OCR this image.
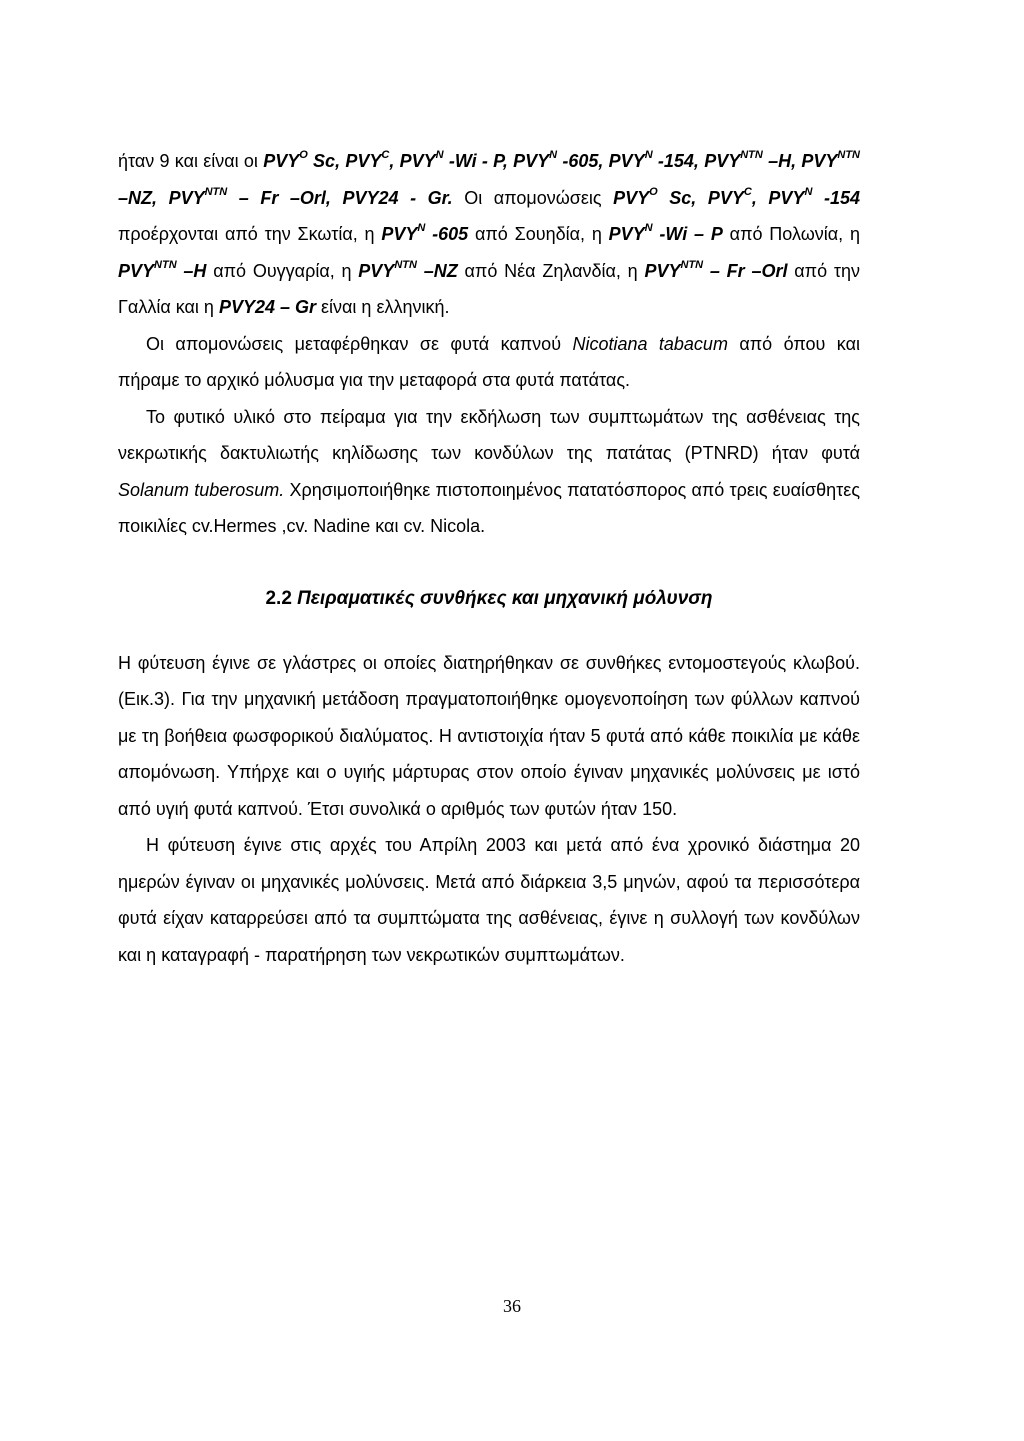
ήταν 9 και είναι οι $PVY^O$ Sc, $PVY^C$, $PVY^N$ -Wi - P, $PVY^N$ -605, $PVY^N$ -154, $PVY^{NTN}$ –H, $PVY^{NTN}$ –NZ, $PVY^{NTN}$ – Fr –Orl, PVY24 - Gr. Οι απομονώσεις $PVY^O$ Sc, $PVY^C$, $PVY^N$ -154 προέρχονται από την Σκωτία, η $PVY^N$ -605 από Σουηδία, η $PVY^N$ -Wi – P από Πολωνία, η $PVY^{NTN}$ –H από Ουγγαρία, η $PVY^{NTN}$ –NZ από Νέα Ζηλανδία, η $PVY^{NTN}$ – Fr –Orl από την Γαλλία και η PVY24 – Gr είναι η ελληνική.

Οι απομονώσεις μεταφέρθηκαν σε φυτά καπνού Nicotiana tabacum από όπου και πήραμε το αρχικό μόλυσμα για την μεταφορά στα φυτά πατάτας.

Το φυτικό υλικό στο πείραμα για την εκδήλωση των συμπτωμάτων της ασθένειας της νεκρωτικής δακτυλιωτής κηλίδωσης των κονδύλων της πατάτας (PTNRD) ήταν φυτά Solanum tuberosum. Χρησιμοποιήθηκε πιστοποιημένος πατατόσπορος από τρεις ευαίσθητες ποικιλίες cv.Hermes ,cv. Nadine και cv. Nicola.

2.2 Πειραματικές συνθήκες και μηχανική μόλυνση

Η φύτευση έγινε σε γλάστρες οι οποίες διατηρήθηκαν σε συνθήκες εντομοστεγούς κλωβού. (Εικ.3). Για την μηχανική μετάδοση πραγματοποιήθηκε ομογενοποίηση των φύλλων καπνού με τη βοήθεια φωσφορικού διαλύματος. Η αντιστοιχία ήταν 5 φυτά από κάθε ποικιλία με κάθε απομόνωση. Υπήρχε και ο υγιής μάρτυρας στον οποίο έγιναν μηχανικές μολύνσεις με ιστό από υγιή φυτά καπνού. Έτσι συνολικά ο αριθμός των φυτών ήταν 150.

Η φύτευση έγινε στις αρχές του Απρίλη 2003 και μετά από ένα χρονικό διάστημα 20 ημερών έγιναν οι μηχανικές μολύνσεις. Μετά από διάρκεια 3,5 μηνών, αφού τα περισσότερα φυτά είχαν καταρρεύσει από τα συμπτώματα της ασθένειας, έγινε η συλλογή των κονδύλων και η καταγραφή - παρατήρηση των νεκρωτικών συμπτωμάτων.

36
